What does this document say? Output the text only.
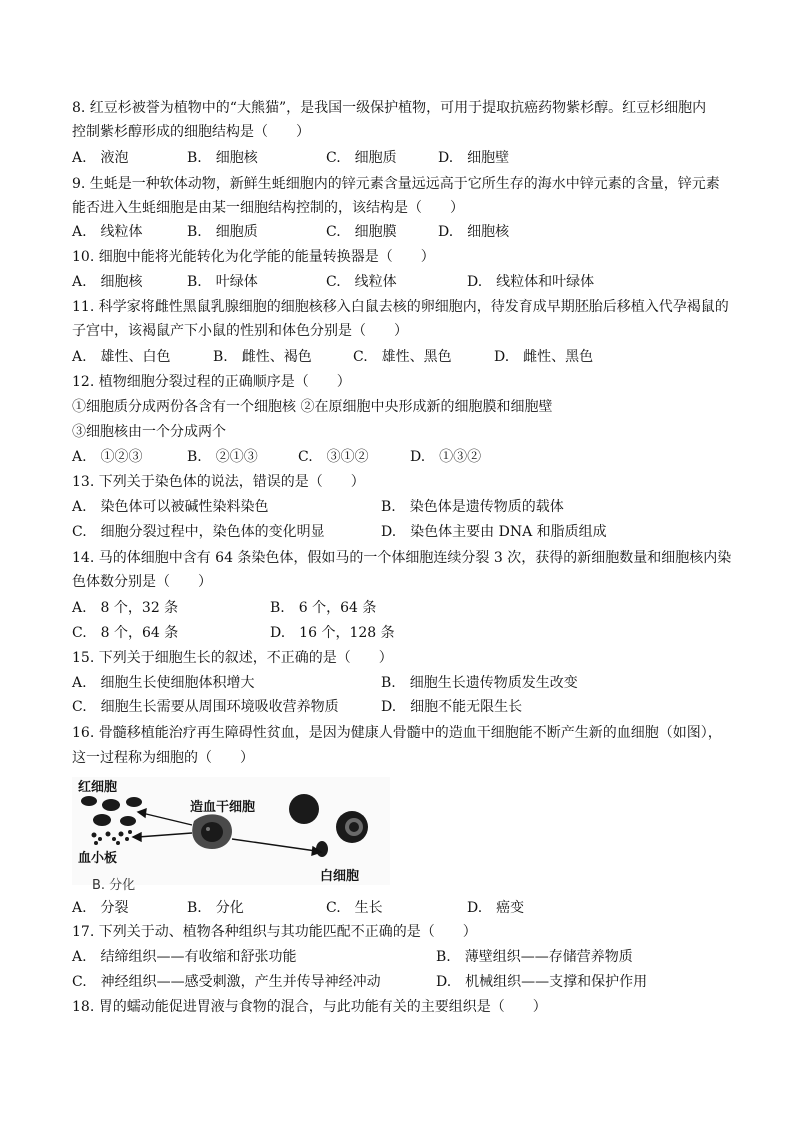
8. 红豆杉被誉为植物中的“大熊猫”，是我国一级保护植物，可用于提取抗癌药物紫杉醇。红豆杉细胞内
控制紫杉醇形成的细胞结构是（　　）
A.　液泡	B.　细胞核	C.　细胞质	D.　细胞壁
9. 生蚝是一种软体动物，新鲜生蚝细胞内的锌元素含量远远高于它所生存的海水中锌元素的含量，锌元素
能否进入生蚝细胞是由某一细胞结构控制的，该结构是（　　）
A.　线粒体	B.　细胞质	C.　细胞膜	D.　细胞核
10. 细胞中能将光能转化为化学能的能量转换器是（　　）
A.　细胞核	B.　叶绿体	C.　线粒体	D.　线粒体和叶绿体
11. 科学家将雌性黑鼠乳腺细胞的细胞核移入白鼠去核的卵细胞内，待发育成早期胚胎后移植入代孕褐鼠的
子宫中，该褐鼠产下小鼠的性别和体色分别是（　　）
A.　雄性、白色	B.　雌性、褐色	C.　雄性、黑色	D.　雌性、黑色
12. 植物细胞分裂过程的正确顺序是（　　）
①细胞质分成两份各含有一个细胞核 ②在原细胞中央形成新的细胞膜和细胞壁
③细胞核由一个分成两个
A.　①②③	B.　②①③	C.　③①②	D.　①③②
13. 下列关于染色体的说法，错误的是（　　）
A.　染色体可以被碱性染料染色	B.　染色体是遗传物质的载体
C.　细胞分裂过程中，染色体的变化明显	D.　染色体主要由 DNA 和脂质组成
14. 马的体细胞中含有 64 条染色体，假如马的一个体细胞连续分裂 3 次，获得的新细胞数量和细胞核内染
色体数分别是（　　）
A.　8 个，32 条	B.　6 个，64 条
C.　8 个，64 条	D.　16 个，128 条
15. 下列关于细胞生长的叙述，不正确的是（　　）
A.　细胞生长使细胞体积增大	B.　细胞生长遗传物质发生改变
C.　细胞生长需要从周围环境吸收营养物质	D.　细胞不能无限生长
16. 骨髓移植能治疗再生障碍性贫血，是因为健康人骨髓中的造血干细胞能不断产生新的血细胞（如图），
这一过程称为细胞的（　　）
红细胞
造血干细胞
血小板
白细胞
B. 分化
A.　分裂	B.　分化	C.　生长	D.　癌变
17. 下列关于动、植物各种组织与其功能匹配不正确的是（　　）
A.　结缔组织——有收缩和舒张功能	B.　薄壁组织——存储营养物质
C.　神经组织——感受刺激，产生并传导神经冲动	D.　机械组织——支撑和保护作用
18. 胃的蠕动能促进胃液与食物的混合，与此功能有关的主要组织是（　　）
